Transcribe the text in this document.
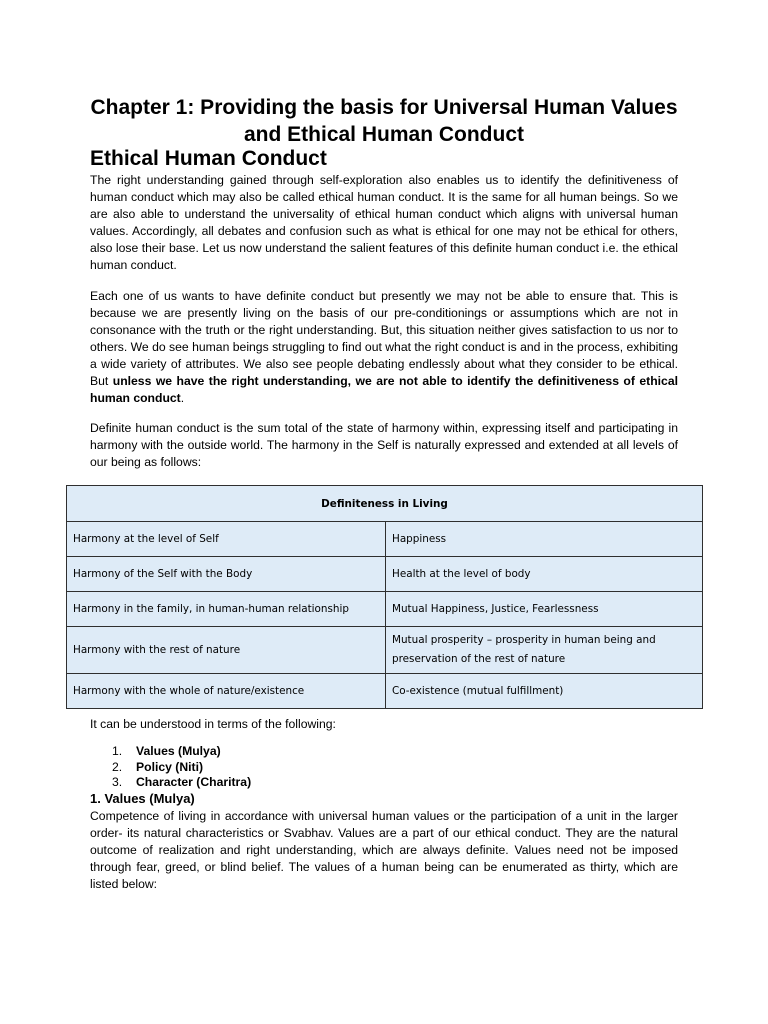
Chapter 1: Providing the basis for Universal Human Values and Ethical Human Conduct
Ethical Human Conduct
The right understanding gained through self-exploration also enables us to identify the definitiveness of human conduct which may also be called ethical human conduct. It is the same for all human beings. So we are also able to understand the universality of ethical human conduct which aligns with universal human values. Accordingly, all debates and confusion such as what is ethical for one may not be ethical for others, also lose their base. Let us now understand the salient features of this definite human conduct i.e. the ethical human conduct.
Each one of us wants to have definite conduct but presently we may not be able to ensure that. This is because we are presently living on the basis of our pre-conditionings or assumptions which are not in consonance with the truth or the right understanding. But, this situation neither gives satisfaction to us nor to others. We do see human beings struggling to find out what the right conduct is and in the process, exhibiting a wide variety of attributes. We also see people debating endlessly about what they consider to be ethical. But unless we have the right understanding, we are not able to identify the definitiveness of ethical human conduct.
Definite human conduct is the sum total of the state of harmony within, expressing itself and participating in harmony with the outside world. The harmony in the Self is naturally expressed and extended at all levels of our being as follows:
Definiteness in Living	
Harmony at the level of Self	Happiness
Harmony of the Self with the Body	Health at the level of body
Harmony in the family, in human-human relationship	Mutual Happiness, Justice, Fearlessness
Harmony with the rest of nature	Mutual prosperity – prosperity in human being and preservation of the rest of nature
Harmony with the whole of nature/existence	Co-existence (mutual fulfillment)
It can be understood in terms of the following:
1. Values (Mulya)
2. Policy (Niti)
3. Character (Charitra)
1. Values (Mulya)
Competence of living in accordance with universal human values or the participation of a unit in the larger order- its natural characteristics or Svabhav. Values are a part of our ethical conduct. They are the natural outcome of realization and right understanding, which are always definite. Values need not be imposed through fear, greed, or blind belief. The values of a human being can be enumerated as thirty, which are listed below:
